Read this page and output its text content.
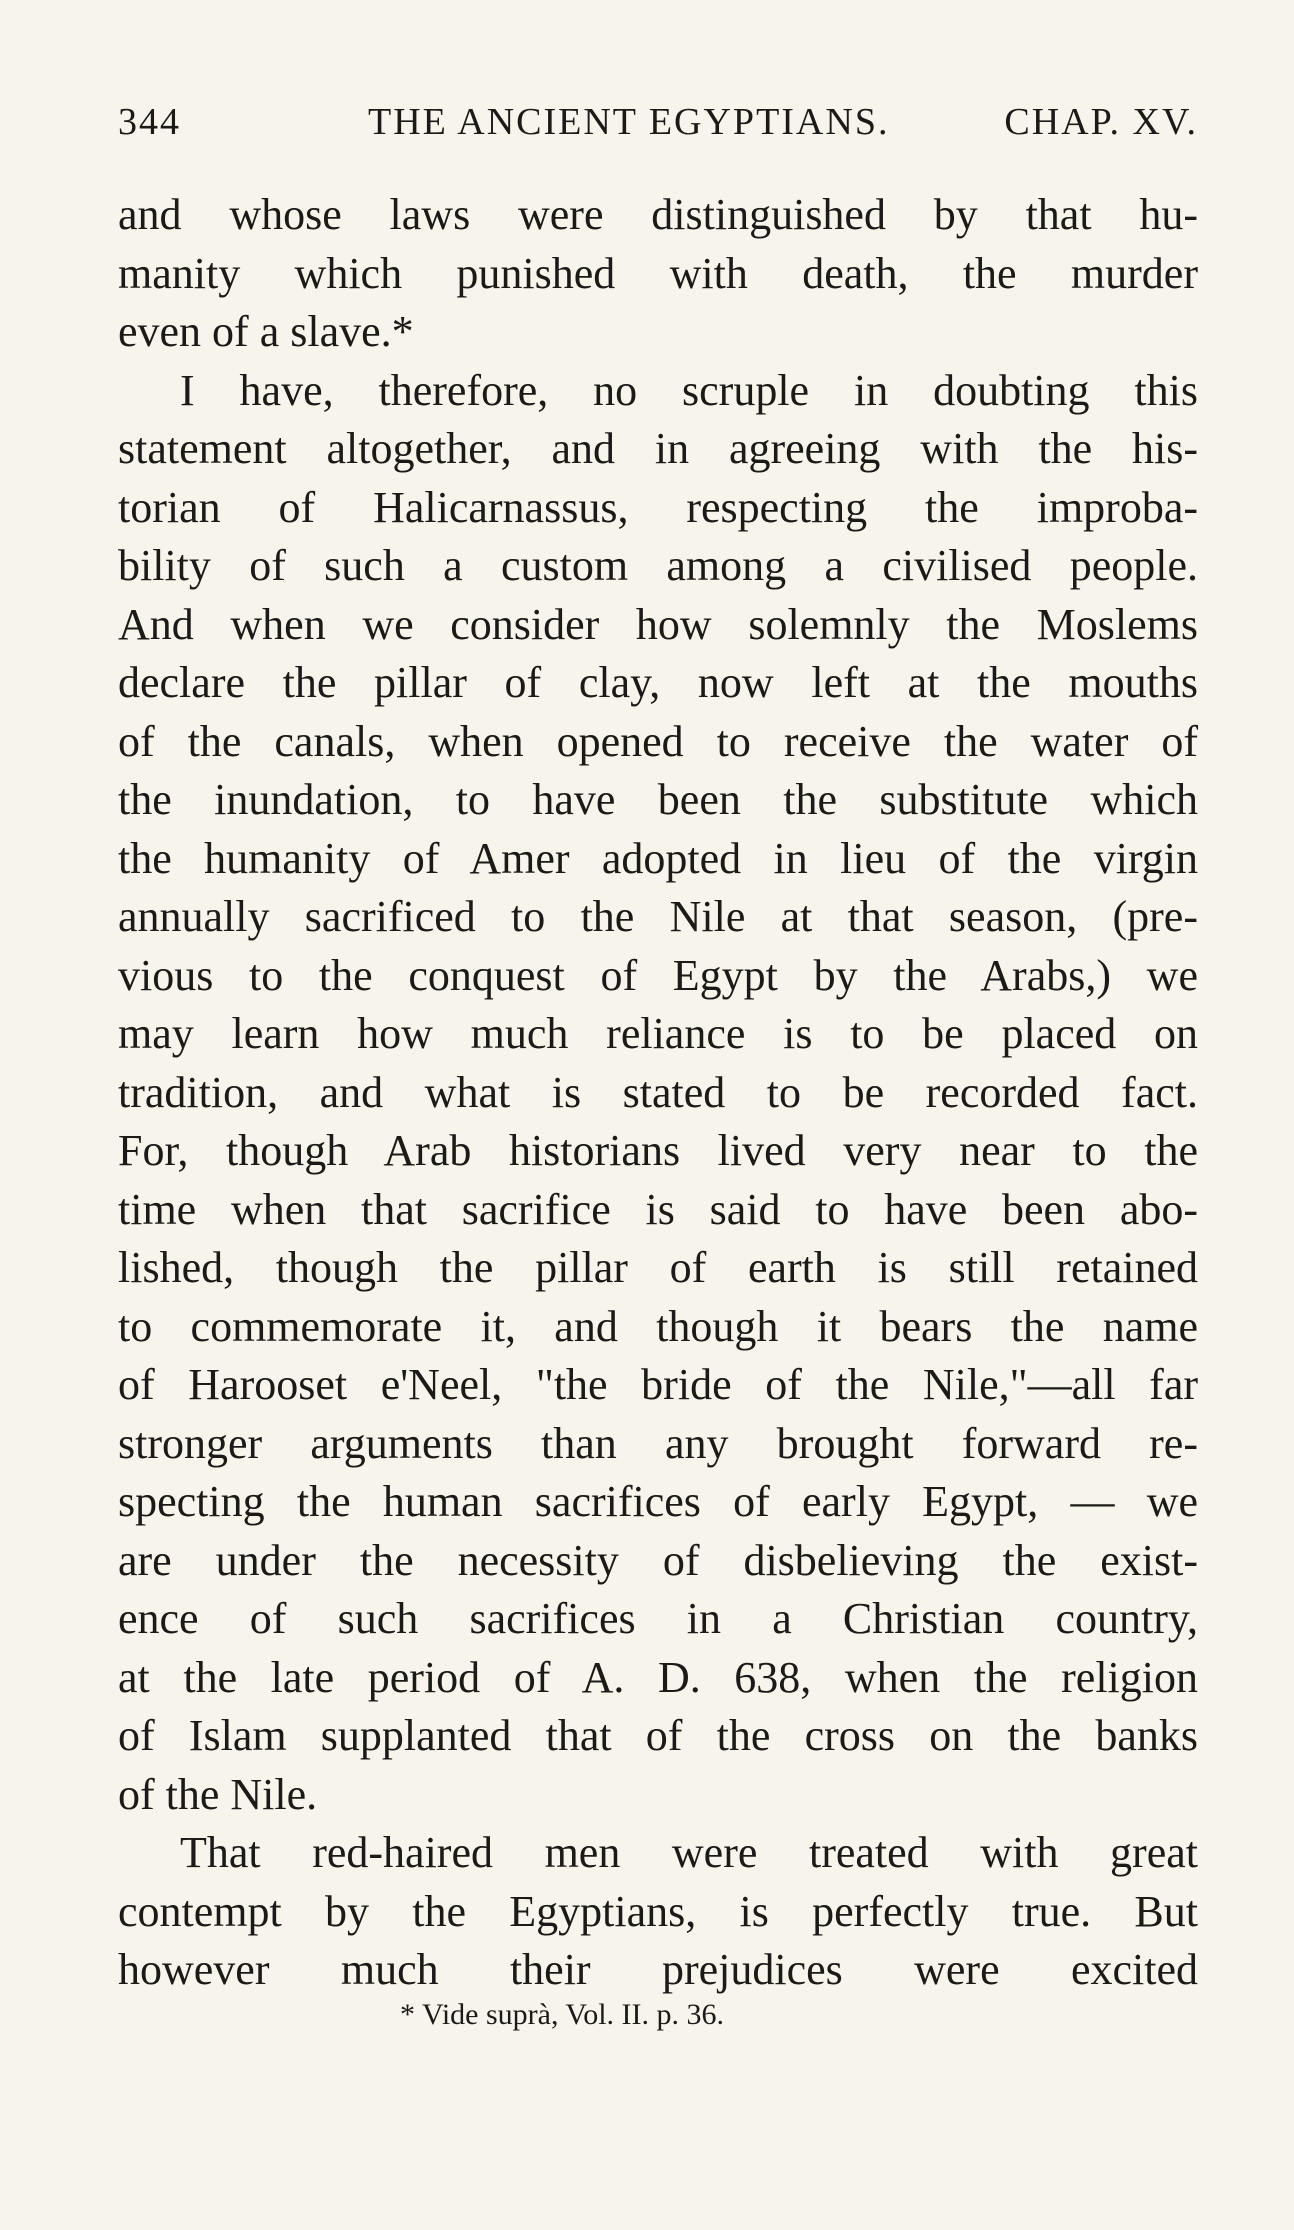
344	THE ANCIENT EGYPTIANS.	CHAP. XV.
and whose laws were distinguished by that hu-
manity which punished with death, the murder
even of a slave.*
I have, therefore, no scruple in doubting this
statement altogether, and in agreeing with the his-
torian of Halicarnassus, respecting the improba-
bility of such a custom among a civilised people.
And when we consider how solemnly the Moslems
declare the pillar of clay, now left at the mouths
of the canals, when opened to receive the water of
the inundation, to have been the substitute which
the humanity of Amer adopted in lieu of the virgin
annually sacrificed to the Nile at that season, (pre-
vious to the conquest of Egypt by the Arabs,) we
may learn how much reliance is to be placed on
tradition, and what is stated to be recorded fact.
For, though Arab historians lived very near to the
time when that sacrifice is said to have been abo-
lished, though the pillar of earth is still retained
to commemorate it, and though it bears the name
of Harooset e'Neel, "the bride of the Nile,"—all far
stronger arguments than any brought forward re-
specting the human sacrifices of early Egypt, — we
are under the necessity of disbelieving the exist-
ence of such sacrifices in a Christian country,
at the late period of A. D. 638, when the religion
of Islam supplanted that of the cross on the banks
of the Nile.
That red-haired men were treated with great
contempt by the Egyptians, is perfectly true. But
however much their prejudices were excited
* Vide suprà, Vol. II. p. 36.
